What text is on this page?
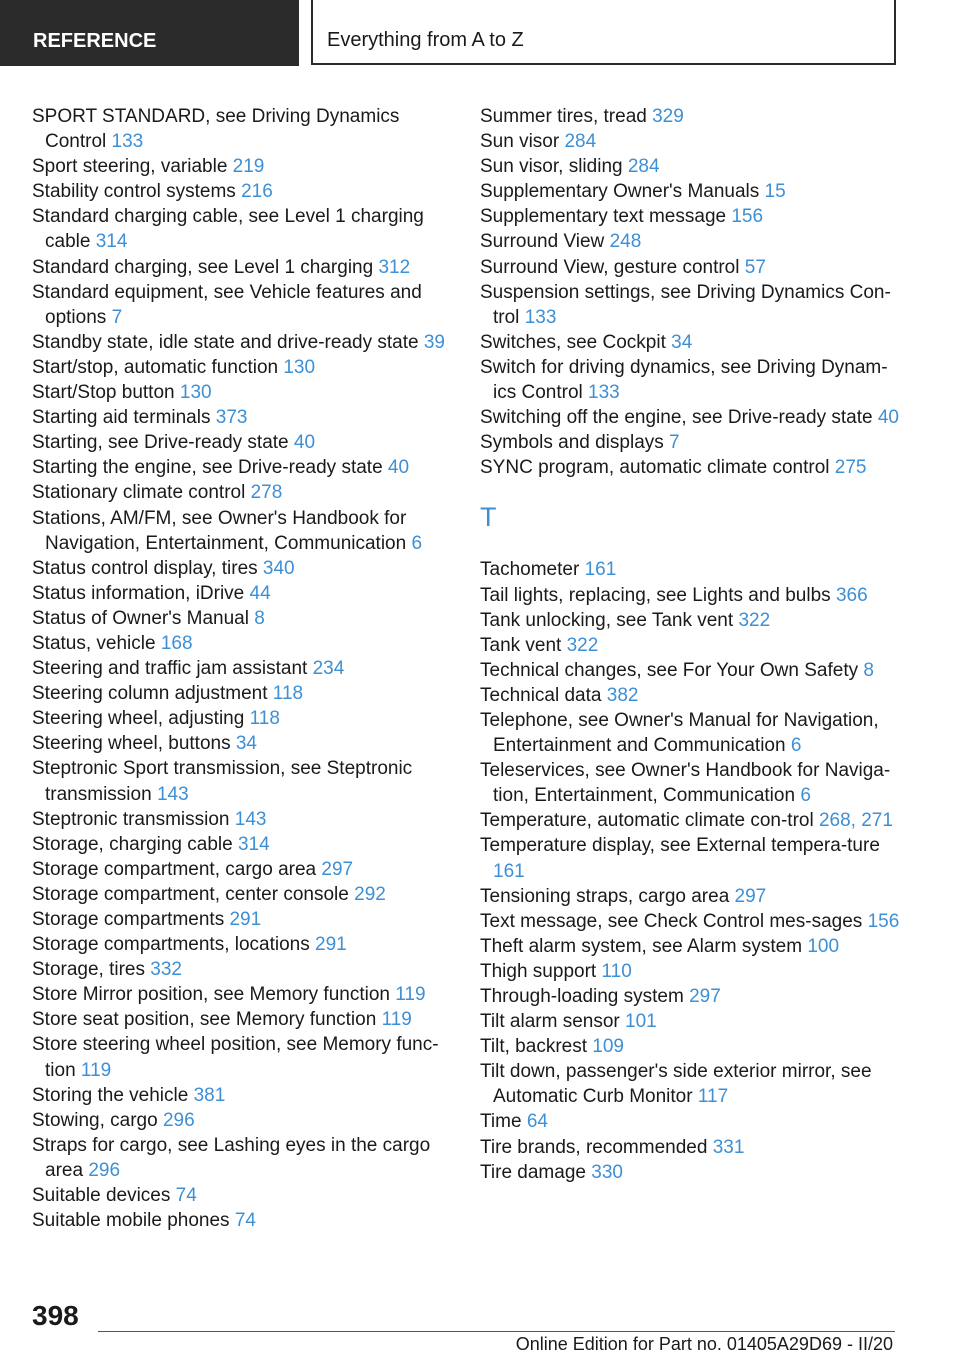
REFERENCE	Everything from A to Z

SPORT STANDARD, see Driving Dynamics Control 133

Sport steering, variable 219

Stability control systems 216

Standard charging cable, see Level 1 charging cable 314

Standard charging, see Level 1 charging 312

Standard equipment, see Vehicle features and options 7

Standby state, idle state and drive-ready state 39

Start/stop, automatic function 130

Start/Stop button 130

Starting aid terminals 373

Starting, see Drive-ready state 40

Starting the engine, see Drive-ready state 40

Stationary climate control 278

Stations, AM/FM, see Owner's Handbook for Navigation, Entertainment, Communication 6

Status control display, tires 340

Status information, iDrive 44

Status of Owner's Manual 8

Status, vehicle 168

Steering and traffic jam assistant 234

Steering column adjustment 118

Steering wheel, adjusting 118

Steering wheel, buttons 34

Steptronic Sport transmission, see Steptronic transmission 143

Steptronic transmission 143

Storage, charging cable 314

Storage compartment, cargo area 297

Storage compartment, center console 292

Storage compartments 291

Storage compartments, locations 291

Storage, tires 332

Store Mirror position, see Memory function 119

Store seat position, see Memory function 119

Store steering wheel position, see Memory func-tion 119

Storing the vehicle 381

Stowing, cargo 296

Straps for cargo, see Lashing eyes in the cargo area 296

Suitable devices 74

Suitable mobile phones 74

Summer tires, tread 329

Sun visor 284

Sun visor, sliding 284

Supplementary Owner's Manuals 15

Supplementary text message 156

Surround View 248

Surround View, gesture control 57

Suspension settings, see Driving Dynamics Con-trol 133

Switches, see Cockpit 34

Switch for driving dynamics, see Driving Dynam-ics Control 133

Switching off the engine, see Drive-ready state 40

Symbols and displays 7

SYNC program, automatic climate control 275

T

Tachometer 161

Tail lights, replacing, see Lights and bulbs 366

Tank unlocking, see Tank vent 322

Tank vent 322

Technical changes, see For Your Own Safety 8

Technical data 382

Telephone, see Owner's Manual for Navigation, Entertainment and Communication 6

Teleservices, see Owner's Handbook for Naviga-tion, Entertainment, Communication 6

Temperature, automatic climate con-trol 268, 271

Temperature display, see External tempera-ture 161

Tensioning straps, cargo area 297

Text message, see Check Control mes-sages 156

Theft alarm system, see Alarm system 100

Thigh support 110

Through-loading system 297

Tilt alarm sensor 101

Tilt, backrest 109

Tilt down, passenger's side exterior mirror, see Automatic Curb Monitor 117

Time 64

Tire brands, recommended 331

Tire damage 330

398
Online Edition for Part no. 01405A29D69 - II/20
